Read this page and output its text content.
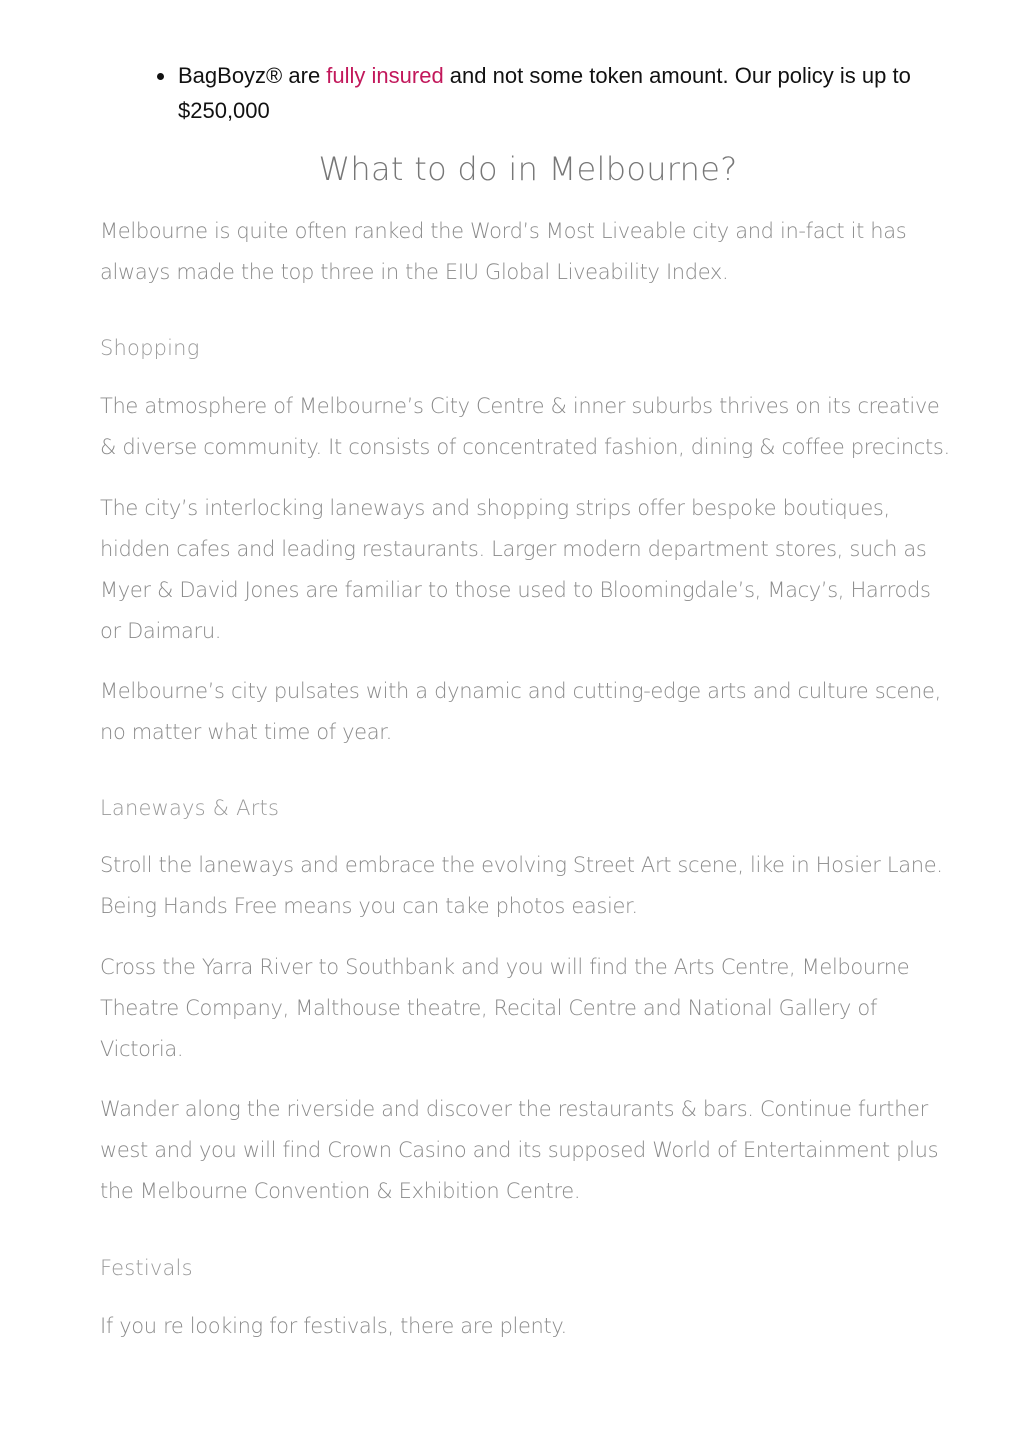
BagBoyz® are fully insured and not some token amount. Our policy is up to $250,000
What to do in Melbourne?

Melbourne is quite often ranked the Word’s Most Liveable city and in-fact it has always made the top three in the EIU Global Liveability Index.

Shopping

The atmosphere of Melbourne’s City Centre & inner suburbs thrives on its creative & diverse community. It consists of concentrated fashion, dining & coffee precincts.

The city’s interlocking laneways and shopping strips offer bespoke boutiques, hidden cafes and leading restaurants. Larger modern department stores, such as Myer & David Jones are familiar to those used to Bloomingdale’s, Macy’s, Harrods or Daimaru.

Melbourne’s city pulsates with a dynamic and cutting-edge arts and culture scene, no matter what time of year.

Laneways & Arts

Stroll the laneways and embrace the evolving Street Art scene, like in Hosier Lane. Being Hands Free means you can take photos easier.

Cross the Yarra River to Southbank and you will find the Arts Centre, Melbourne Theatre Company, Malthouse theatre, Recital Centre and National Gallery of Victoria.

Wander along the riverside and discover the restaurants & bars. Continue further west and you will find Crown Casino and its supposed World of Entertainment plus the Melbourne Convention & Exhibition Centre.

Festivals

If you re looking for festivals, there are plenty.
